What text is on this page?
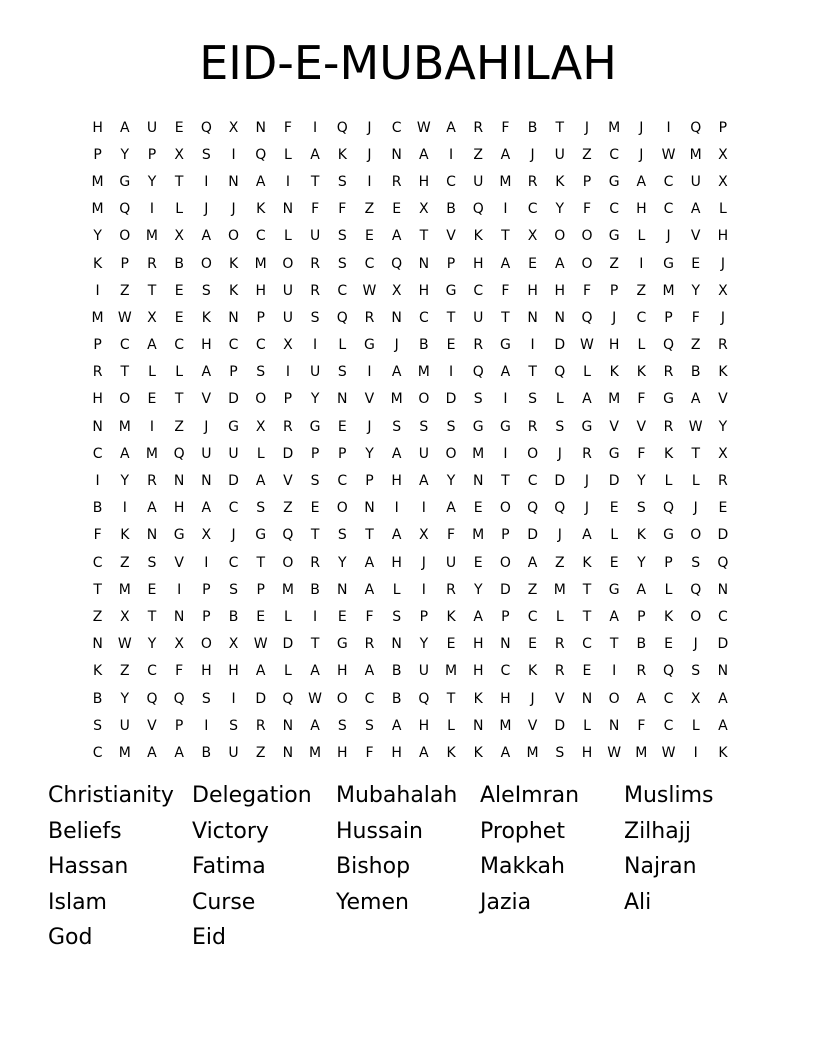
EID-E-MUBAHILAH
H	A	U	E	Q	X	N	F	I	Q	J	C	W	A	R	F	B	T	J	M	J	I	Q	P
P	Y	P	X	S	I	Q	L	A	K	J	N	A	I	Z	A	J	U	Z	C	J	W	M	X
M	G	Y	T	I	N	A	I	T	S	I	R	H	C	U	M	R	K	P	G	A	C	U	X
M	Q	I	L	J	J	K	N	F	F	Z	E	X	B	Q	I	C	Y	F	C	H	C	A	L
Y	O	M	X	A	O	C	L	U	S	E	A	T	V	K	T	X	O	O	G	L	J	V	H
K	P	R	B	O	K	M	O	R	S	C	Q	N	P	H	A	E	A	O	Z	I	G	E	J
I	Z	T	E	S	K	H	U	R	C	W	X	H	G	C	F	H	H	F	P	Z	M	Y	X
M	W	X	E	K	N	P	U	S	Q	R	N	C	T	U	T	N	N	Q	J	C	P	F	J
P	C	A	C	H	C	C	X	I	L	G	J	B	E	R	G	I	D	W	H	L	Q	Z	R
R	T	L	L	A	P	S	I	U	S	I	A	M	I	Q	A	T	Q	L	K	K	R	B	K
H	O	E	T	V	D	O	P	Y	N	V	M	O	D	S	I	S	L	A	M	F	G	A	V
N	M	I	Z	J	G	X	R	G	E	J	S	S	S	G	G	R	S	G	V	V	R	W	Y
C	A	M	Q	U	U	L	D	P	P	Y	A	U	O	M	I	O	J	R	G	F	K	T	X
I	Y	R	N	N	D	A	V	S	C	P	H	A	Y	N	T	C	D	J	D	Y	L	L	R
B	I	A	H	A	C	S	Z	E	O	N	I	I	A	E	O	Q	Q	J	E	S	Q	J	E
F	K	N	G	X	J	G	Q	T	S	T	A	X	F	M	P	D	J	A	L	K	G	O	D
C	Z	S	V	I	C	T	O	R	Y	A	H	J	U	E	O	A	Z	K	E	Y	P	S	Q
T	M	E	I	P	S	P	M	B	N	A	L	I	R	Y	D	Z	M	T	G	A	L	Q	N
Z	X	T	N	P	B	E	L	I	E	F	S	P	K	A	P	C	L	T	A	P	K	O	C
N	W	Y	X	O	X	W	D	T	G	R	N	Y	E	H	N	E	R	C	T	B	E	J	D
K	Z	C	F	H	H	A	L	A	H	A	B	U	M	H	C	K	R	E	I	R	Q	S	N
B	Y	Q	Q	S	I	D	Q	W	O	C	B	Q	T	K	H	J	V	N	O	A	C	X	A
S	U	V	P	I	S	R	N	A	S	S	A	H	L	N	M	V	D	L	N	F	C	L	A
C	M	A	A	B	U	Z	N	M	H	F	H	A	K	K	A	M	S	H	W	M	W	I	K
Christianity Delegation	Mubahalah	AleImran	Muslims
Beliefs	Victory	Hussain	Prophet	Zilhajj
Hassan	Fatima	Bishop	Makkah	Najran
Islam	Curse	Yemen	Jazia	Ali
God	Eid
